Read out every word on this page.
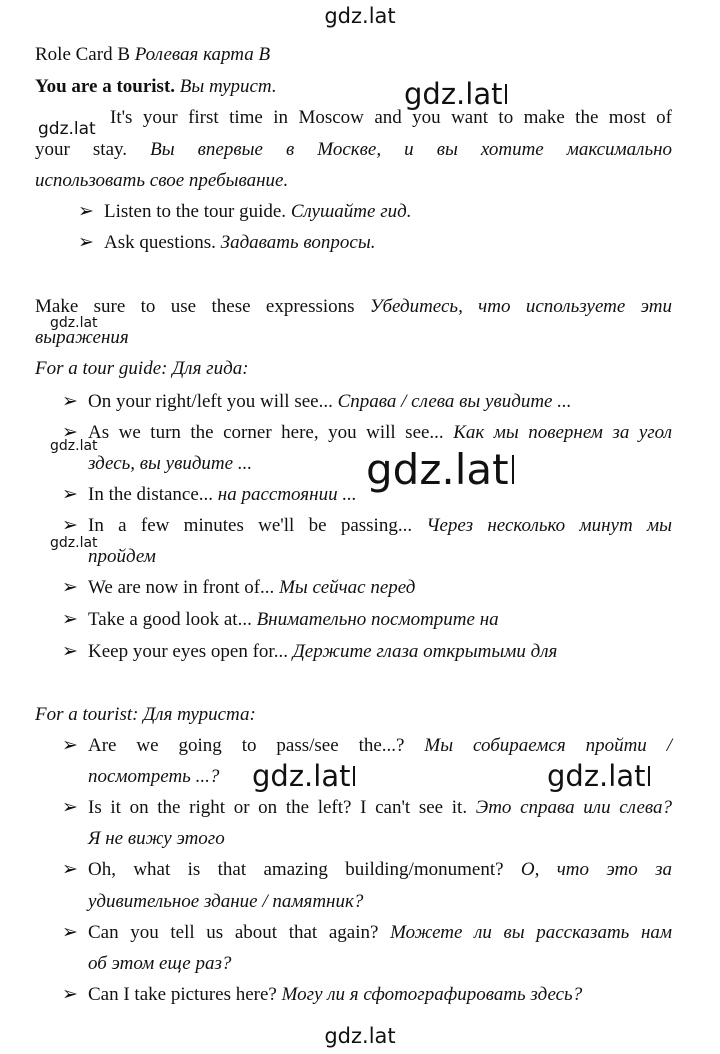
gdz.lat
gdz.lat
gdz.lat
gdz.lat
gdz.lat	gdz.lat
gdz.lat
gdz.lat	gdz.lat
gdz.lat
Role Card B Ролевая карта В
You are a tourist. Вы турист.
It's your first time in Moscow and you want to make the most of
your stay. Вы впервые в Москве, и вы хотите максимально
использовать свое пребывание.
➢ Listen to the tour guide. Слушайте гид.
➢ Ask questions. Задавать вопросы.
Make sure to use these expressions Убедитесь, что используете эти
выражения
For a tour guide: Для гида:
➢ On your right/left you will see... Справа / слева вы увидите ...
➢ As we turn the corner here, you will see... Как мы повернем за угол
здесь, вы увидите ...
➢ In the distance... на расстоянии ...
➢ In a few minutes we'll be passing... Через несколько минут мы
пройдем
➢ We are now in front of... Мы сейчас перед
➢ Take a good look at... Внимательно посмотрите на
➢ Keep your eyes open for... Держите глаза открытыми для
For a tourist: Для туриста:
➢ Are we going to pass/see the...? Мы собираемся пройти /
посмотреть ...?
➢ Is it on the right or on the left? I can't see it. Это справа или слева?
Я не вижу этого
➢ Oh, what is that amazing building/monument? О, что это за
удивительное здание / памятник?
➢ Can you tell us about that again? Можете ли вы рассказать нам
об этом еще раз?
➢ Can I take pictures here? Могу ли я сфотографировать здесь?
